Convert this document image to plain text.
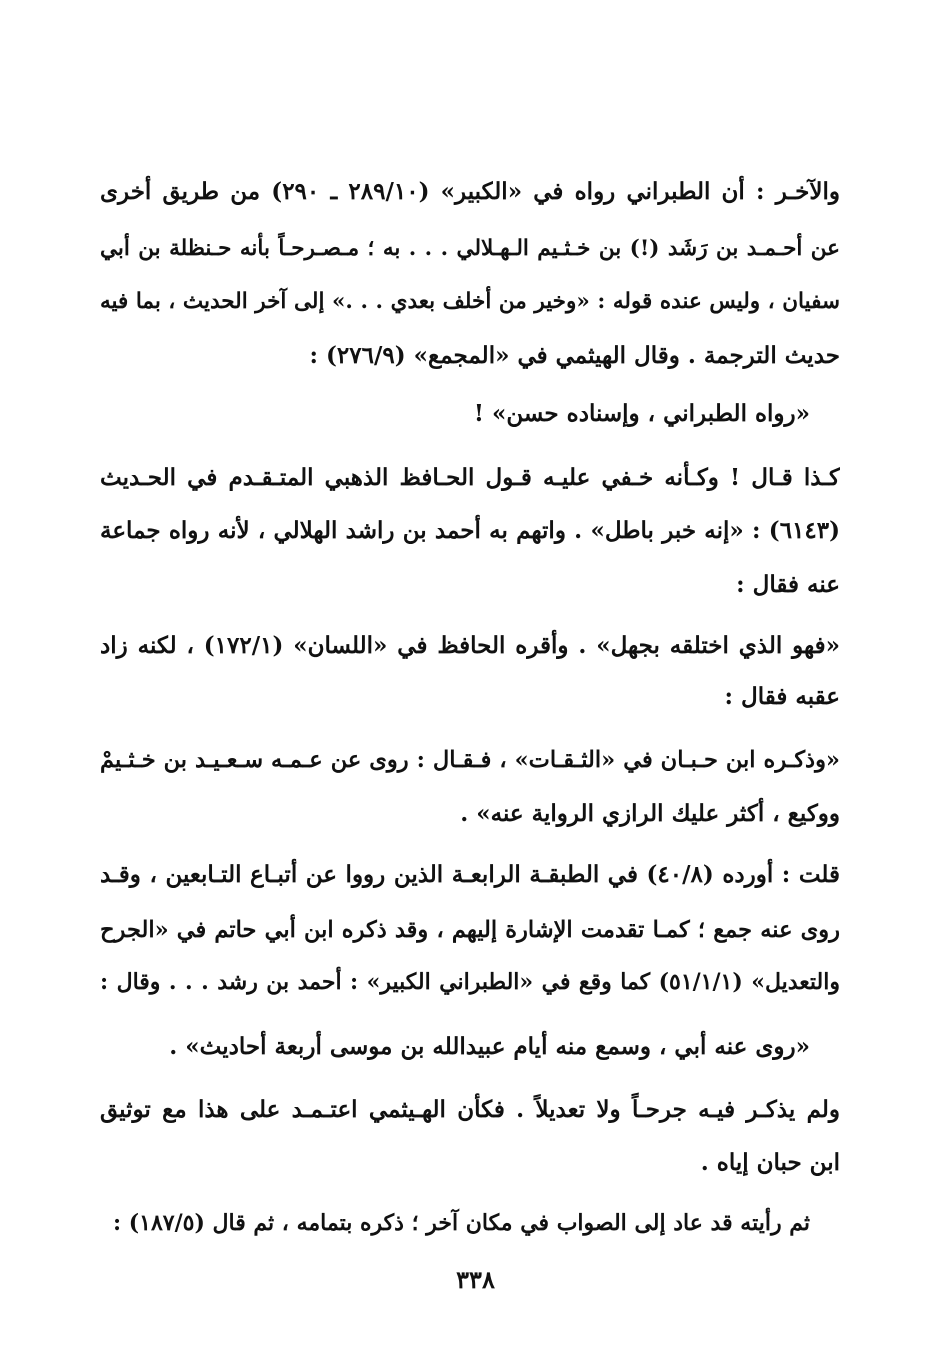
والآخـر : أن الطبراني رواه في «الكبير» (٢٨٩/١٠ ـ ٢٩٠) من طريق أخرى
عن أحـمـد بن رَشَد (!) بن خـثـيم الـهـلالي . . . به ؛ مـصـرحـاً بأنه حـنظلة بن أبي
سفيان ، وليس عنده قوله : «وخير من أخلف بعدي . . .» إلى آخر الحديث ، بما فيه
حديث الترجمة . وقال الهيثمي في «المجمع» (٢٧٦/٩) :
«رواه الطبراني ، وإسناده حسن» !
كـذا قـال ! وكـأنه خـفي عليـه قـول الحـافظ الذهبي المتـقـدم في الحـديث
(٦١٤٣) : «إنه خبر باطل» . واتهم به أحمد بن راشد الهلالي ، لأنه رواه جماعة
عنه فقال :
«فهو الذي اختلقه بجهل» . وأقره الحافظ في «اللسان» (١٧٢/١) ، لكنه زاد
عقبه فقال :
«وذكـره ابن حـبـان في «الثـقـات» ، فـقـال : روى عن عـمـه سـعـيـد بن خـثـيمْ
ووكيع ، أكثر عليك الرازي الرواية عنه» .
قلت : أورده (٤٠/٨) في الطبقـة الرابعـة الذين رووا عن أتبـاع التـابعين ، وقـد
روى عنه جمع ؛ كمـا تقدمت الإشارة إليهم ، وقد ذكره ابن أبي حاتم في «الجرح
والتعديل» (٥١/١/١) كما وقع في «الطبراني الكبير» : أحمد بن رشد . . . وقال :
«روى عنه أبي ، وسمع منه أيام عبيدالله بن موسى أربعة أحاديث» .
ولم يذكـر فيـه جرحـاً ولا تعديلاً . فكأن الهـيثمي اعتـمـد على هذا مع توثيق
ابن حبان إياه .
ثم رأيته قد عاد إلى الصواب في مكان آخر ؛ ذكره بتمامه ، ثم قال (١٨٧/٥) :
٣٣٨
